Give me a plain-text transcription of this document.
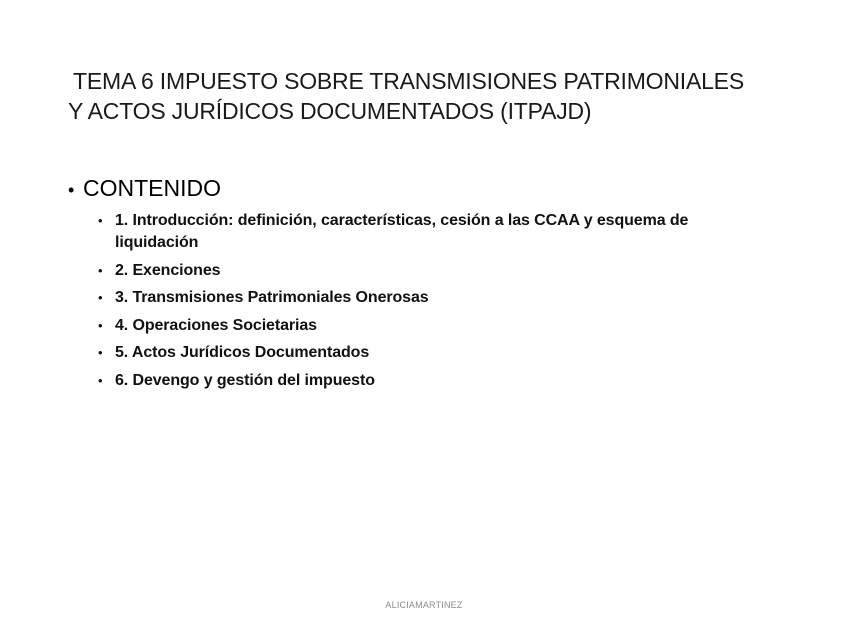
TEMA 6 IMPUESTO SOBRE TRANSMISIONES PATRIMONIALES
Y ACTOS JURÍDICOS DOCUMENTADOS (ITPAJD)
• CONTENIDO
• 1. Introducción: definición, características, cesión a las CCAA y esquema de liquidación
• 2. Exenciones
• 3. Transmisiones Patrimoniales Onerosas
• 4. Operaciones Societarias
• 5. Actos Jurídicos Documentados
• 6. Devengo y gestión del impuesto
ALICIAMARTINEZ
